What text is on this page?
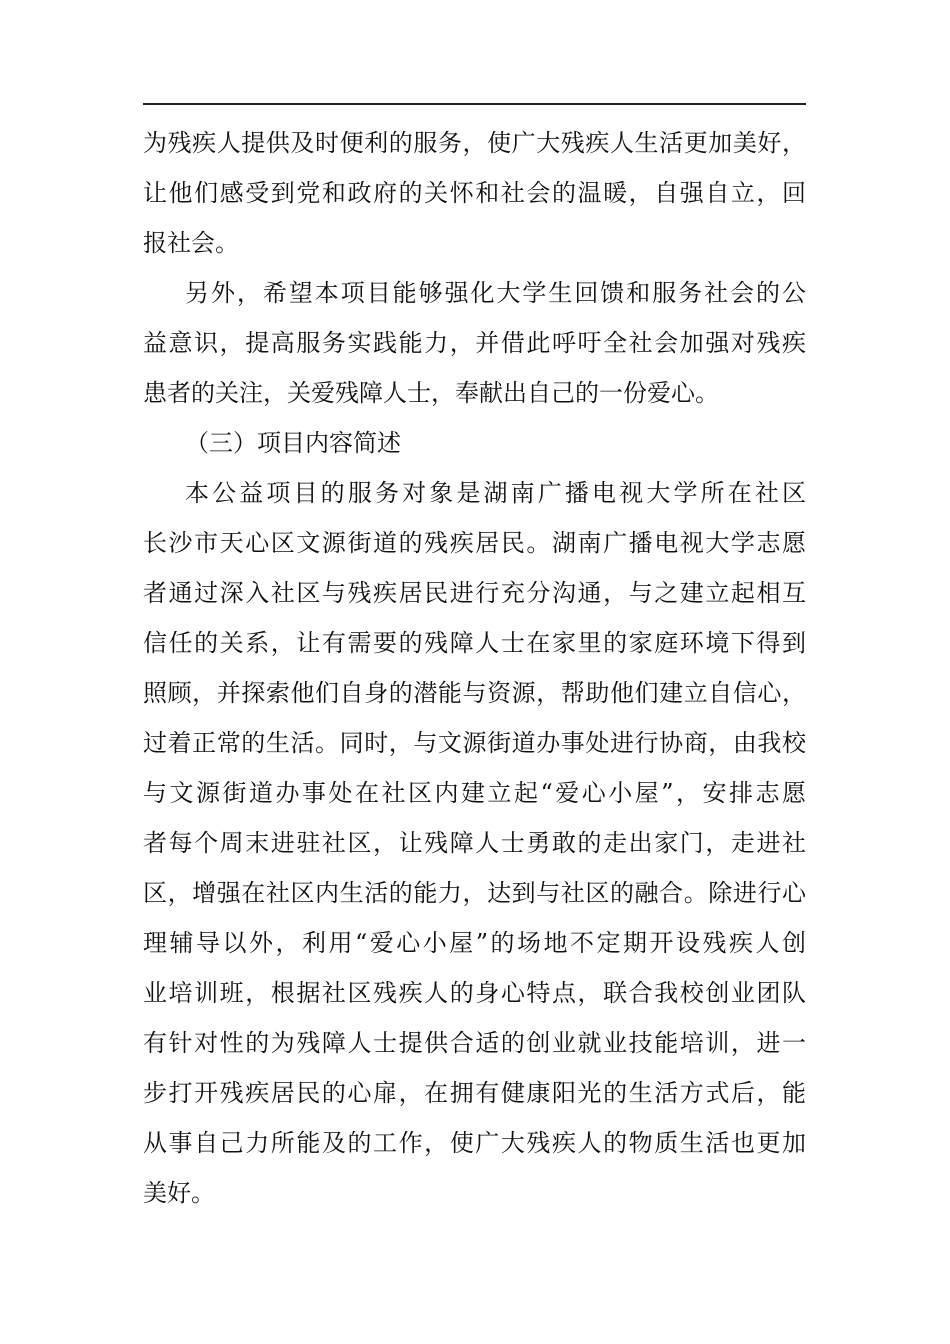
为残疾人提供及时便利的服务，使广大残疾人生活更加美好，
让他们感受到党和政府的关怀和社会的温暖，自强自立，回
报社会。
另外，希望本项目能够强化大学生回馈和服务社会的公
益意识，提高服务实践能力，并借此呼吁全社会加强对残疾
患者的关注，关爱残障人士，奉献出自己的一份爱心。
（三）项目内容简述
本公益项目的服务对象是湖南广播电视大学所在社区
长沙市天心区文源街道的残疾居民。湖南广播电视大学志愿
者通过深入社区与残疾居民进行充分沟通，与之建立起相互
信任的关系，让有需要的残障人士在家里的家庭环境下得到
照顾，并探索他们自身的潜能与资源，帮助他们建立自信心，
过着正常的生活。同时，与文源街道办事处进行协商，由我校
与文源街道办事处在社区内建立起“爱心小屋”，安排志愿
者每个周末进驻社区，让残障人士勇敢的走出家门，走进社
区，增强在社区内生活的能力，达到与社区的融合。除进行心
理辅导以外，利用“爱心小屋”的场地不定期开设残疾人创
业培训班，根据社区残疾人的身心特点，联合我校创业团队
有针对性的为残障人士提供合适的创业就业技能培训，进一
步打开残疾居民的心扉，在拥有健康阳光的生活方式后，能
从事自己力所能及的工作，使广大残疾人的物质生活也更加
美好。
